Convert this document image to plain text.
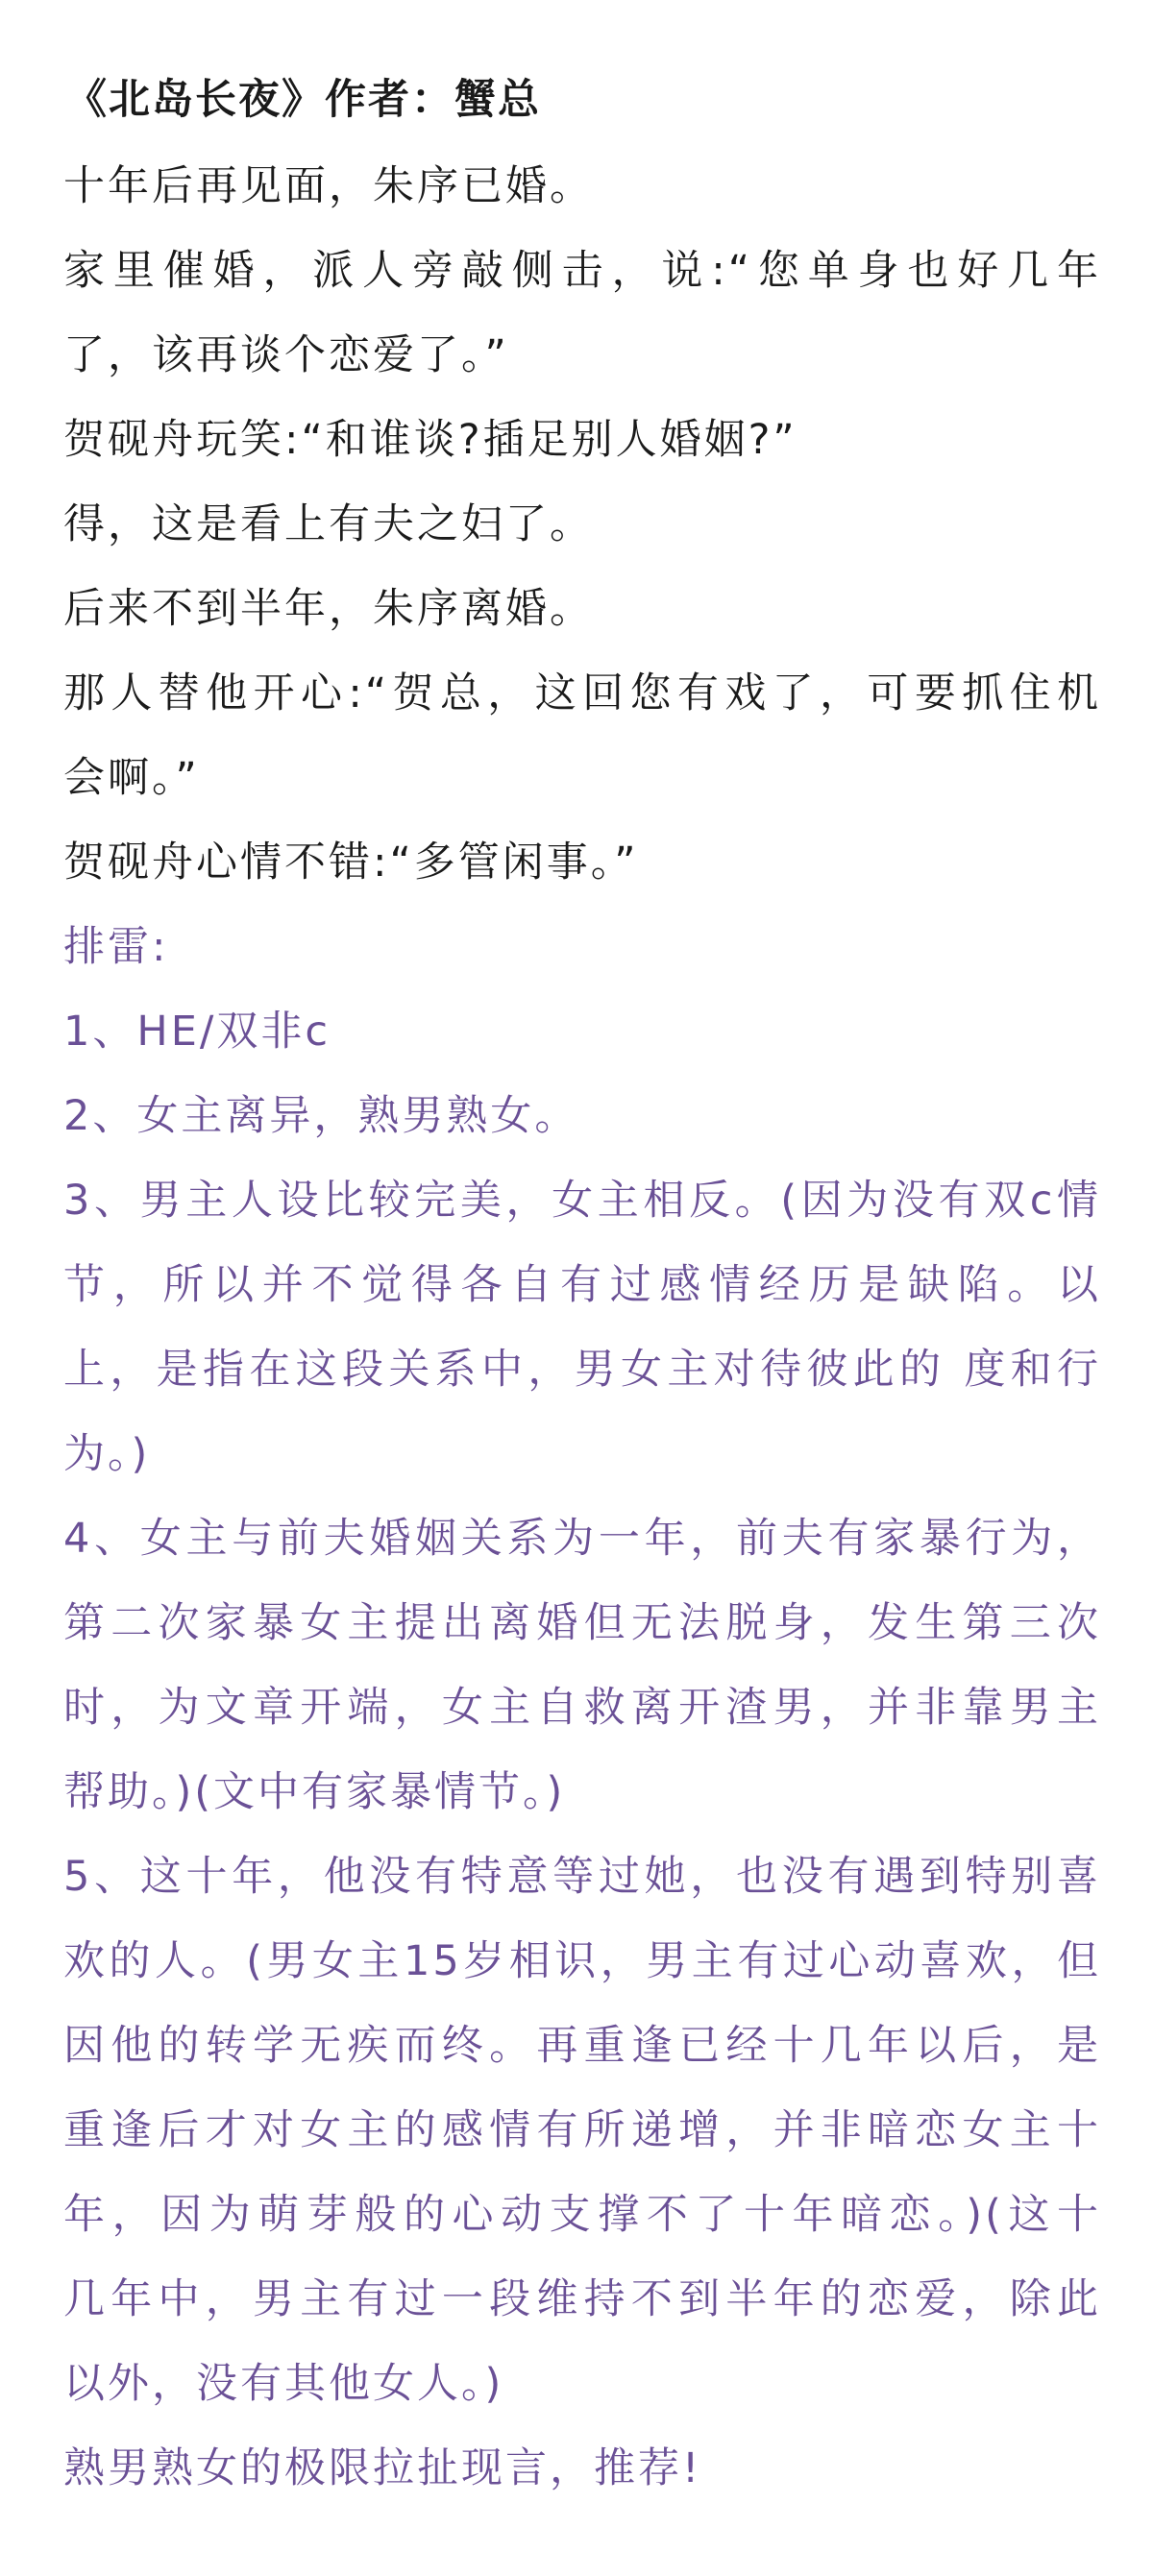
《北岛长夜》作者：蟹总
十年后再见面，朱序已婚。
家里催婚，派人旁敲侧击，说:“您单身也好几年
了，该再谈个恋爱了。”
贺砚舟玩笑:“和谁谈?插足别人婚姻?”
得，这是看上有夫之妇了。
后来不到半年，朱序离婚。
那人替他开心:“贺总，这回您有戏了，可要抓住机
会啊。”
贺砚舟心情不错:“多管闲事。”
排雷:
1、HE/双非c
2、女主离异，熟男熟女。
3、男主人设比较完美，女主相反。(因为没有双c情
节，所以并不觉得各自有过感情经历是缺陷。以
上，是指在这段关系中，男女主对待彼此的 度和行
为。)
4、女主与前夫婚姻关系为一年，前夫有家暴行为，
第二次家暴女主提出离婚但无法脱身，发生第三次
时，为文章开端，女主自救离开渣男，并非靠男主
帮助。)(文中有家暴情节。)
5、这十年，他没有特意等过她，也没有遇到特别喜
欢的人。(男女主15岁相识，男主有过心动喜欢，但
因他的转学无疾而终。再重逢已经十几年以后，是
重逢后才对女主的感情有所递增，并非暗恋女主十
年，因为萌芽般的心动支撑不了十年暗恋。)(这十
几年中，男主有过一段维持不到半年的恋爱，除此
以外，没有其他女人。)
熟男熟女的极限拉扯现言，推荐!
